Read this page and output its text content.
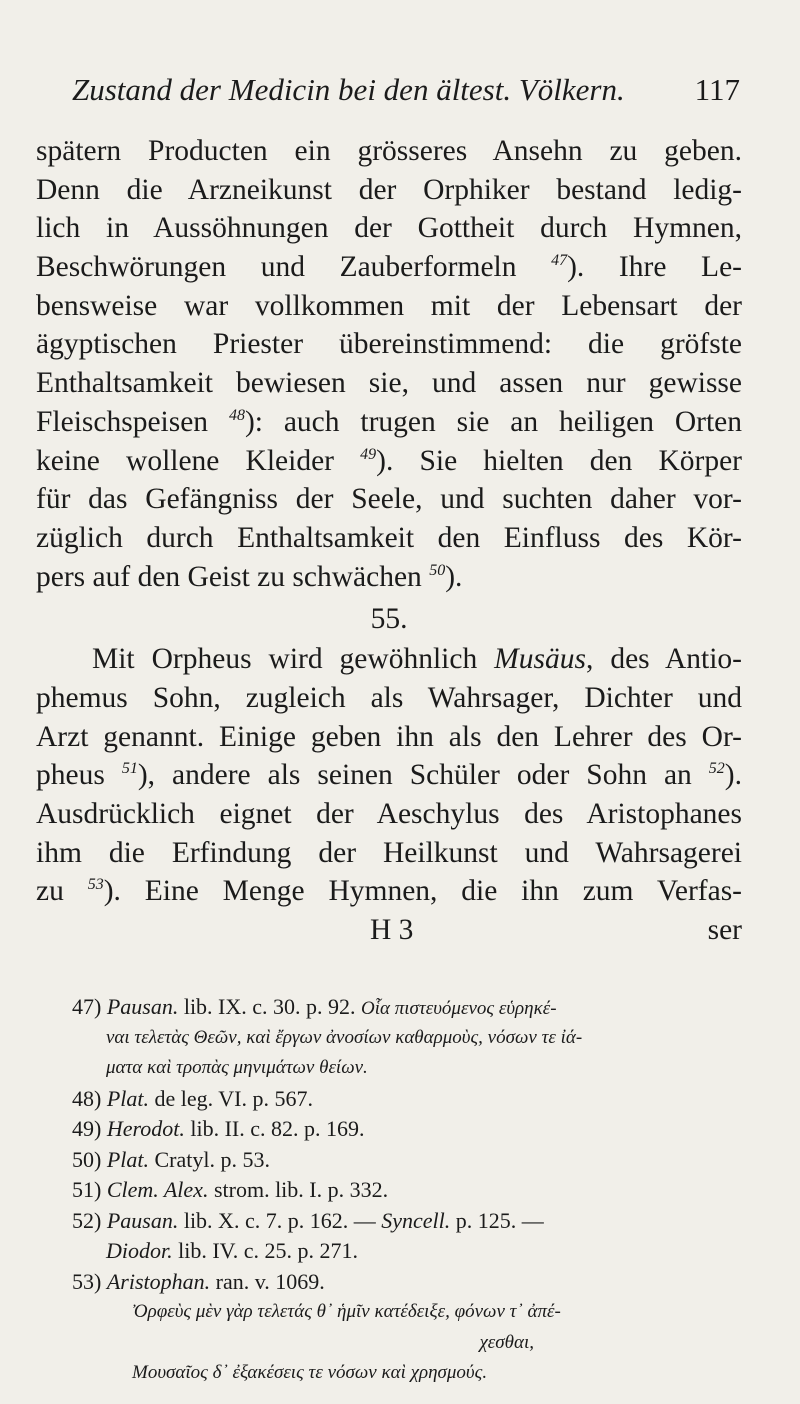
Zustand der Medicin bei den ältest. Völkern. 117
spätern Producten ein grösseres Ansehn zu geben.
Denn die Arzneikunst der Orphiker bestand ledig-
lich in Aussöhnungen der Gottheit durch Hymnen,
Beschwörungen und Zauberformeln $^{47}$). Ihre Le-
bensweise war vollkommen mit der Lebensart der
ägyptischen Priester übereinstimmend: die gröfste
Enthaltsamkeit bewiesen sie, und assen nur gewisse
Fleischspeisen $^{48}$): auch trugen sie an heiligen Orten
keine wollene Kleider $^{49}$). Sie hielten den Körper
für das Gefängniss der Seele, und suchten daher vor-
züglich durch Enthaltsamkeit den Einfluss des Kör-
pers auf den Geist zu schwächen $^{50}$).
55.
Mit Orpheus wird gewöhnlich Musäus, des Antio-
phemus Sohn, zugleich als Wahrsager, Dichter und
Arzt genannt. Einige geben ihn als den Lehrer des Or-
pheus $^{51}$), andere als seinen Schüler oder Sohn an $^{52}$).
Ausdrücklich eignet der Aeschylus des Aristophanes
ihm die Erfindung der Heilkunst und Wahrsagerei
zu $^{53}$). Eine Menge Hymnen, die ihn zum Verfas-
H 3	ser
47) Pausan. lib. IX. c. 30. p. 92. Οἷα πιστευόμενος εὑρηκέ-
ναι τελετὰς Θεῶν, καὶ ἔργων ἀνοσίων καθαρμοὺς, νόσων τε ἰά-
ματα καὶ τροπὰς μηνιμάτων θείων.
48) Plat. de leg. VI. p. 567.
49) Herodot. lib. II. c. 82. p. 169.
50) Plat. Cratyl. p. 53.
51) Clem. Alex. strom. lib. I. p. 332.
52) Pausan. lib. X. c. 7. p. 162. — Syncell. p. 125. —
Diodor. lib. IV. c. 25. p. 271.
53) Aristophan. ran. v. 1069.
Ὀρφεὺς μὲν γὰρ τελετάς θ᾽ ἡμῖν κατέδειξε, φόνων τ᾽ ἀπέ-
χεσθαι,
Μουσαῖος δ᾽ ἐξακέσεις τε νόσων καὶ χρησμούς.
